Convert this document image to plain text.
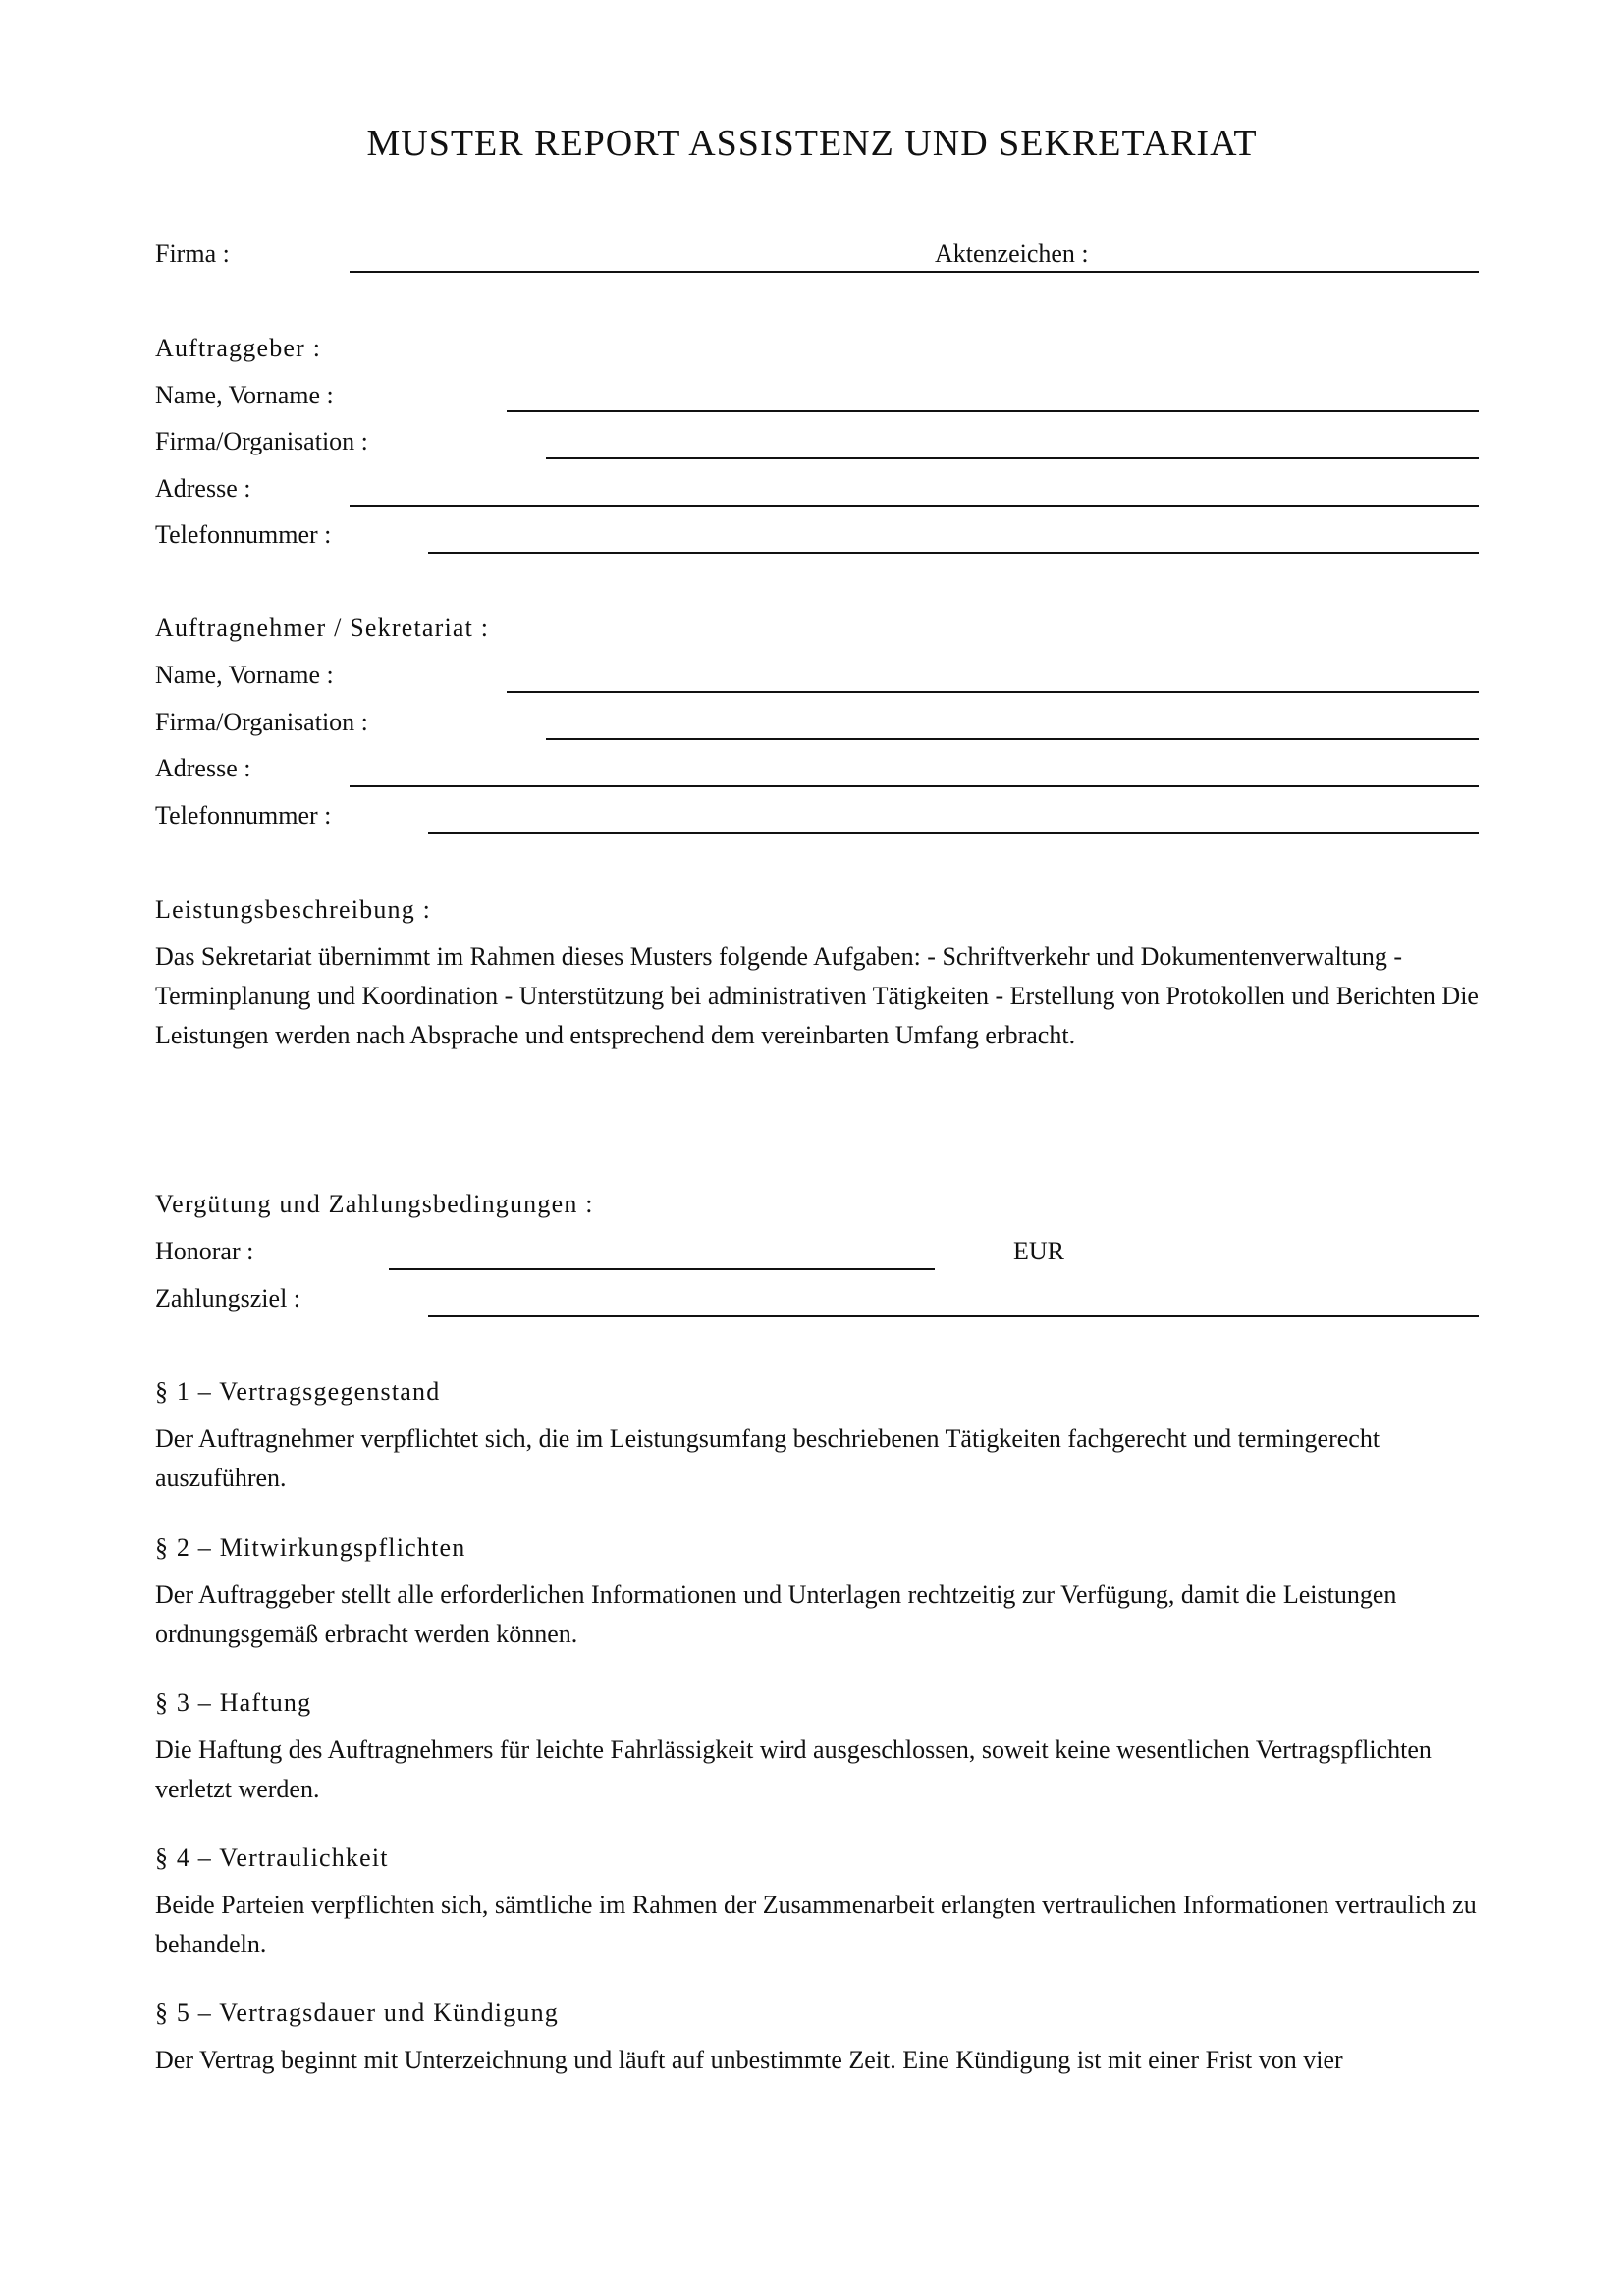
MUSTER REPORT ASSISTENZ UND SEKRETARIAT
Firma :	Aktenzeichen :
Auftraggeber :
Name, Vorname :
Firma/Organisation :
Adresse :
Telefonnummer :
Auftragnehmer / Sekretariat :
Name, Vorname :
Firma/Organisation :
Adresse :
Telefonnummer :
Leistungsbeschreibung :
Das Sekretariat übernimmt im Rahmen dieses Musters folgende Aufgaben: - Schriftverkehr und Dokumentenverwaltung - Terminplanung und Koordination - Unterstützung bei administrativen Tätigkeiten - Erstellung von Protokollen und Berichten Die Leistungen werden nach Absprache und entsprechend dem vereinbarten Umfang erbracht.
Vergütung und Zahlungsbedingungen :
Honorar :	EUR
Zahlungsziel :
§ 1 – Vertragsgegenstand
Der Auftragnehmer verpflichtet sich, die im Leistungsumfang beschriebenen Tätigkeiten fachgerecht und termingerecht auszuführen.
§ 2 – Mitwirkungspflichten
Der Auftraggeber stellt alle erforderlichen Informationen und Unterlagen rechtzeitig zur Verfügung, damit die Leistungen ordnungsgemäß erbracht werden können.
§ 3 – Haftung
Die Haftung des Auftragnehmers für leichte Fahrlässigkeit wird ausgeschlossen, soweit keine wesentlichen Vertragspflichten verletzt werden.
§ 4 – Vertraulichkeit
Beide Parteien verpflichten sich, sämtliche im Rahmen der Zusammenarbeit erlangten vertraulichen Informationen vertraulich zu behandeln.
§ 5 – Vertragsdauer und Kündigung
Der Vertrag beginnt mit Unterzeichnung und läuft auf unbestimmte Zeit. Eine Kündigung ist mit einer Frist von vier
